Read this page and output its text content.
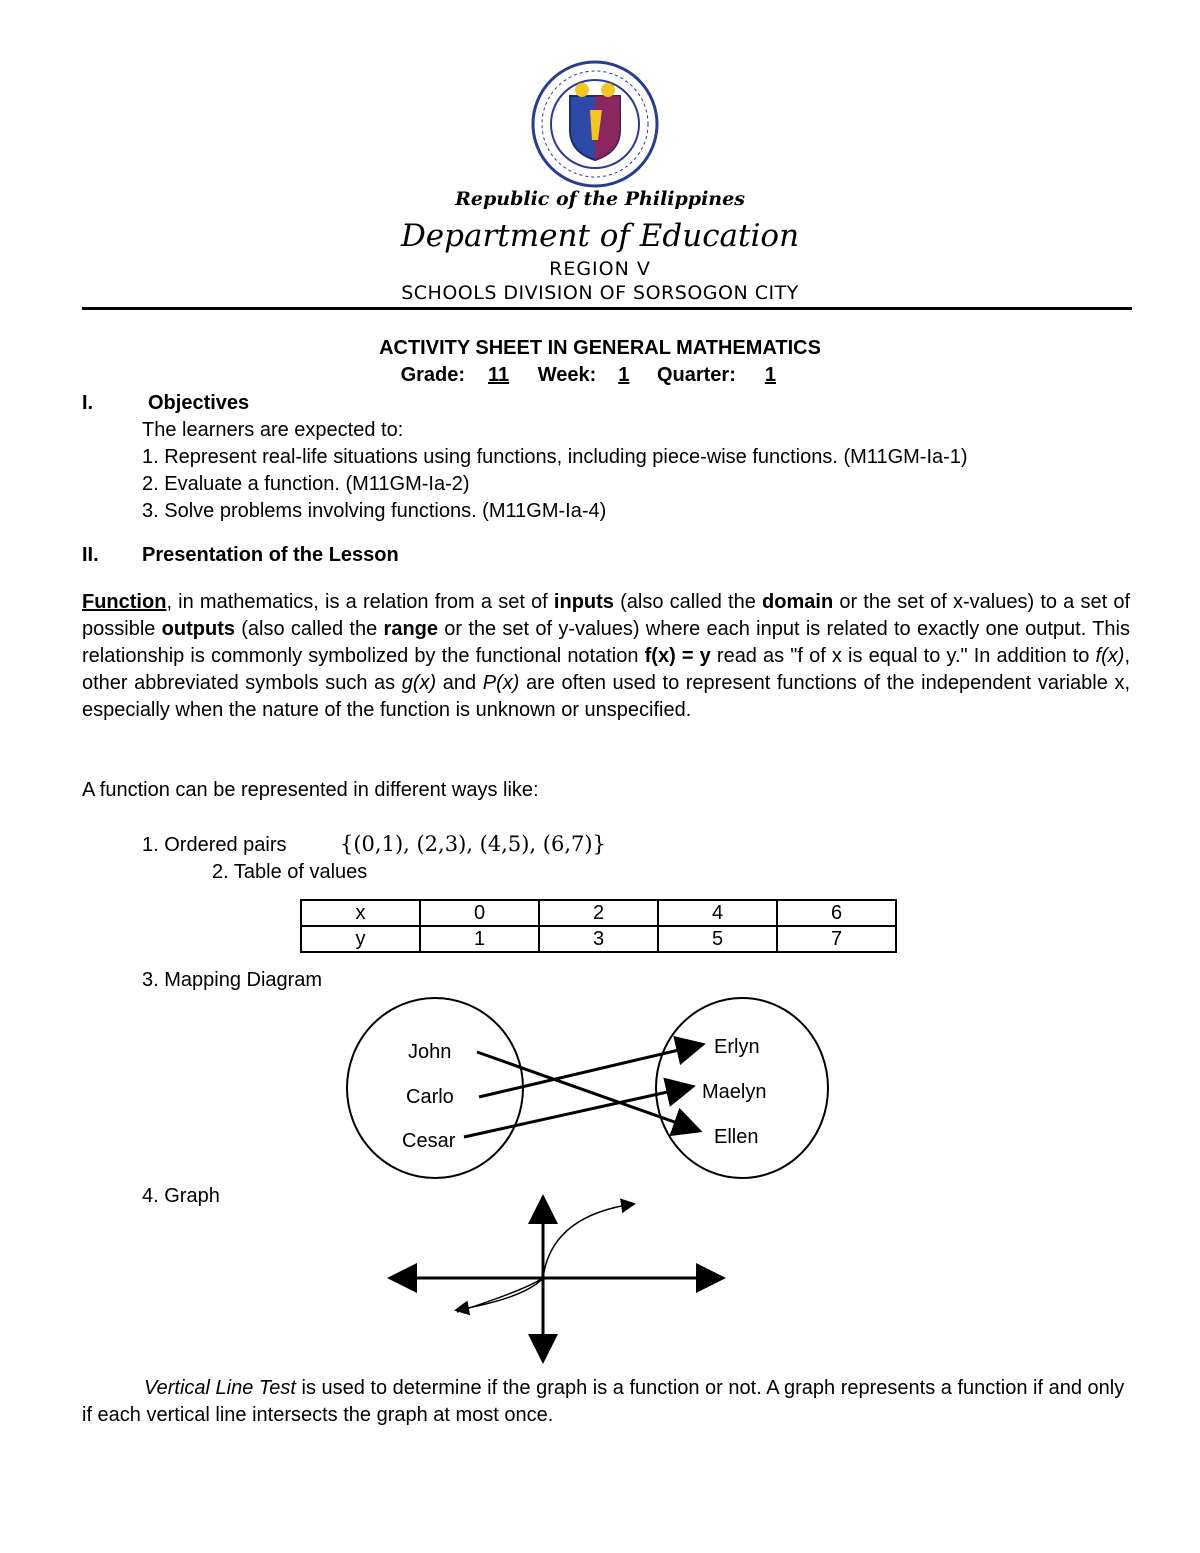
Republic of the Philippines
Department of Education
REGION V
SCHOOLS DIVISION OF SORSOGON CITY
ACTIVITY SHEET IN GENERAL MATHEMATICS
Grade: 11 Week: 1 Quarter: 1
I.	Objectives
The learners are expected to:
1. Represent real-life situations using functions, including piece-wise functions. (M11GM-Ia-1)
2. Evaluate a function. (M11GM-Ia-2)
3. Solve problems involving functions. (M11GM-Ia-4)
II. Presentation of the Lesson
Function, in mathematics, is a relation from a set of inputs (also called the domain or the set of x-values) to a set of possible outputs (also called the range or the set of y-values) where each input is related to exactly one output. This relationship is commonly symbolized by the functional notation f(x) = y read as "f of x is equal to y." In addition to f(x), other abbreviated symbols such as g(x) and P(x) are often used to represent functions of the independent variable x, especially when the nature of the function is unknown or unspecified.
A function can be represented in different ways like:
1. Ordered pairs	{(0,1), (2,3), (4,5), (6,7)}
2. Table of values
x	0	2	4	6
y	1	3	5	7
3. Mapping Diagram
John
Carlo
Cesar
Erlyn
Maelyn
Ellen
4. Graph
Vertical Line Test is used to determine if the graph is a function or not. A graph represents a function if and only if each vertical line intersects the graph at most once.
